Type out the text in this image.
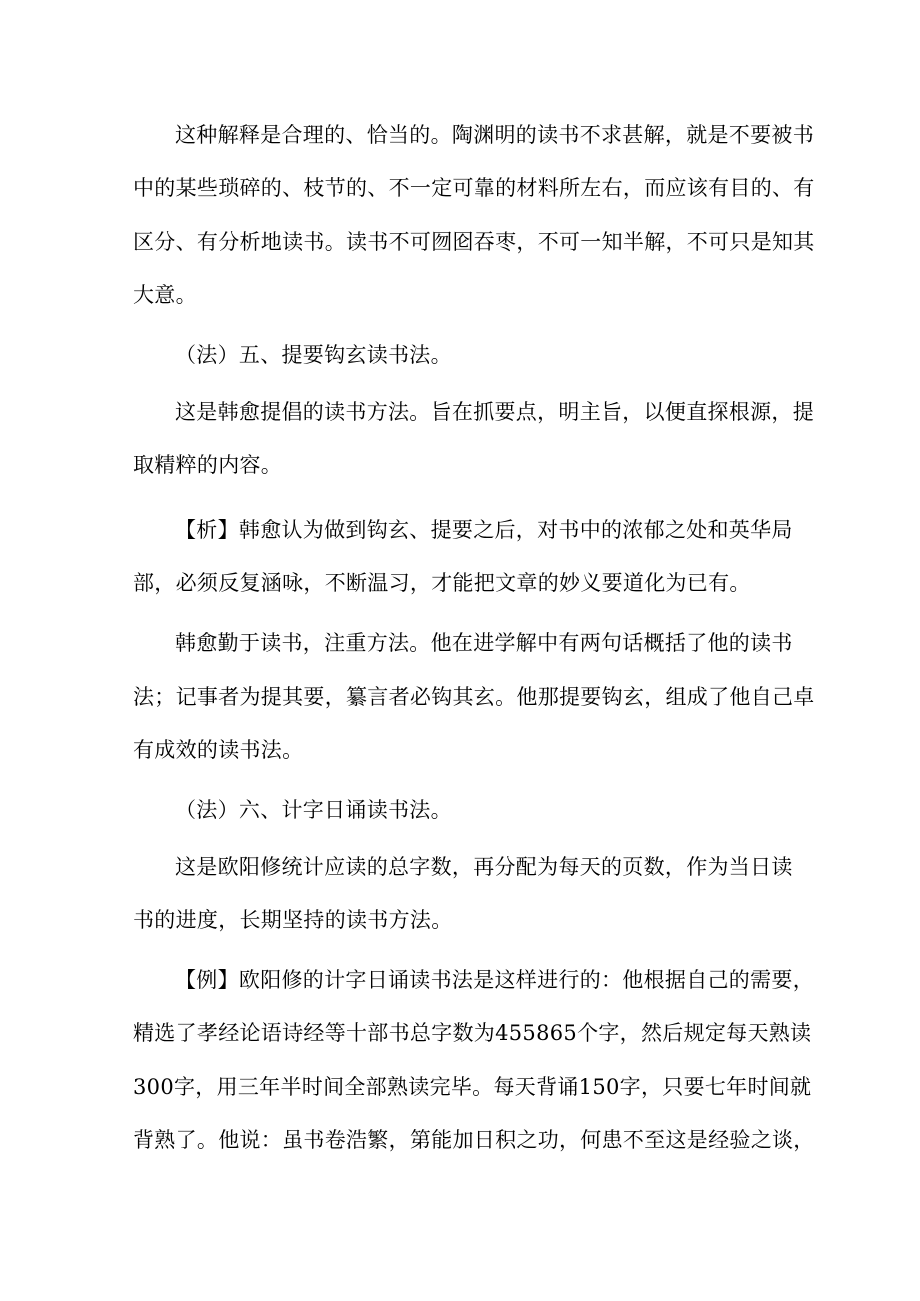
这种解释是合理的、恰当的。陶渊明的读书不求甚解，就是不要被书
中的某些琐碎的、枝节的、不一定可靠的材料所左右，而应该有目的、有
区分、有分析地读书。读书不可囫囵吞枣，不可一知半解，不可只是知其
大意。
（法）五、提要钩玄读书法。
这是韩愈提倡的读书方法。旨在抓要点，明主旨，以便直探根源，提
取精粹的内容。
【析】韩愈认为做到钩玄、提要之后，对书中的浓郁之处和英华局
部，必须反复涵咏，不断温习，才能把文章的妙义要道化为已有。
韩愈勤于读书，注重方法。他在进学解中有两句话概括了他的读书
法；记事者为提其要，纂言者必钩其玄。他那提要钩玄，组成了他自己卓
有成效的读书法。
（法）六、计字日诵读书法。
这是欧阳修统计应读的总字数，再分配为每天的页数，作为当日读
书的进度，长期坚持的读书方法。
【例】欧阳修的计字日诵读书法是这样进行的：他根据自己的需要，
精选了孝经论语诗经等十部书总字数为455865个字，然后规定每天熟读
300字，用三年半时间全部熟读完毕。每天背诵150字，只要七年时间就
背熟了。他说：虽书卷浩繁，第能加日积之功，何患不至这是经验之谈，
